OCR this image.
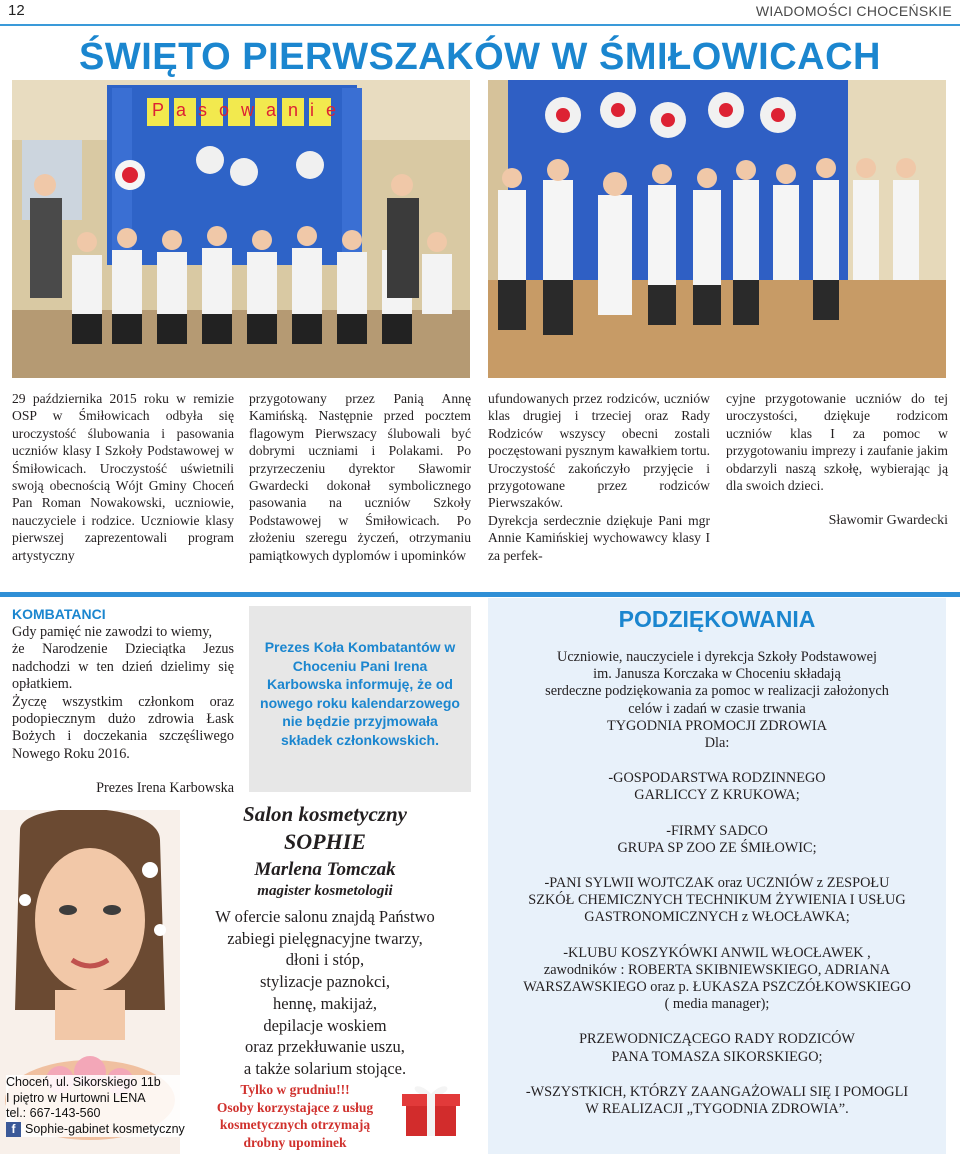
12	WIADOMOŚCI CHOCEŃSKIE
ŚWIĘTO PIERWSZAKÓW W ŚMIŁOWICACH
Pasowanie
29 października 2015 roku w remizie OSP w Śmiłowicach odbyła się uroczystość ślubowania i pasowania uczniów klasy I Szkoły Podstawowej w Śmiłowicach. Uroczystość uświetnili swoją obecnością Wójt Gminy Choceń Pan Roman Nowakowski, uczniowie, nauczyciele i rodzice. Uczniowie klasy pierwszej zaprezentowali program artystyczny
przygotowany przez Panią Annę Kamińską. Następnie przed pocztem flagowym Pierwszacy ślubowali być dobrymi uczniami i Polakami. Po przyrzeczeniu dyrektor Sławomir Gwardecki dokonał symbolicznego pasowania na uczniów Szkoły Podstawowej w Śmiłowicach. Po złożeniu szeregu życzeń, otrzymaniu pamiątkowych dyplomów i upominków
ufundowanych przez rodziców, uczniów klas drugiej i trzeciej oraz Rady Rodziców wszyscy obecni zostali poczęstowani pysznym kawałkiem tortu. Uroczystość zakończyło przyjęcie i przygotowane przez rodziców Pierwszaków.
Dyrekcja serdecznie dziękuje Pani mgr Annie Kamińskiej wychowawcy klasy I za perfek-
cyjne przygotowanie uczniów do tej uroczystości, dziękuje rodzicom uczniów klas I za pomoc w przygotowaniu imprezy i zaufanie jakim obdarzyli naszą szkołę, wybierając ją dla swoich dzieci.
Sławomir Gwardecki
KOMBATANCI
Gdy pamięć nie zawodzi to wiemy,
że Narodzenie Dzieciątka Jezus nadchodzi w ten dzień dzielimy się opłatkiem.
Życzę wszystkim członkom oraz podopiecznym dużo zdrowia Łask Bożych i doczekania szczęśliwego Nowego Roku 2016.
Prezes Irena Karbowska
Prezes Koła Kombatantów w Choceniu Pani Irena Karbowska informuję, że od nowego roku kalendarzowego nie będzie przyjmowała składek członkowskich.
Salon kosmetyczny
SOPHIE
Marlena Tomczak
magister kosmetologii
W ofercie salonu znajdą Państwo
zabiegi pielęgnacyjne twarzy,
dłoni i stóp,
stylizacje paznokci,
hennę, makijaż,
depilacje woskiem
oraz przekłuwanie uszu,
a także solarium stojące.
Tylko w grudniu!!!
Osoby korzystające z usług
kosmetycznych otrzymają
drobny upominek
Choceń, ul. Sikorskiego 11b
I piętro w Hurtowni LENA
tel.: 667-143-560
f Sophie-gabinet kosmetyczny
PODZIĘKOWANIA

Uczniowie, nauczyciele i dyrekcja Szkoły Podstawowej
im. Janusza Korczaka w Choceniu składają
serdeczne podziękowania za pomoc w realizacji założonych
celów i zadań w czasie trwania
TYGODNIA PROMOCJI ZDROWIA
Dla:

-GOSPODARSTWA RODZINNEGO
GARLICCY Z KRUKOWA;

-FIRMY SADCO
GRUPA SP ZOO ZE ŚMIŁOWIC;

-PANI SYLWII WOJTCZAK oraz UCZNIÓW z ZESPOŁU
SZKÓŁ CHEMICZNYCH TECHNIKUM ŻYWIENIA I USŁUG
GASTRONOMICZNYCH z WŁOCŁAWKA;

-KLUBU KOSZYKÓWKI ANWIL WŁOCŁAWEK ,
zawodników : ROBERTA SKIBNIEWSKIEGO, ADRIANA
WARSZAWSKIEGO oraz p. ŁUKASZA PSZCZÓŁKOWSKIEGO
( media manager);

PRZEWODNICZĄCEGO RADY RODZICÓW
PANA TOMASZA SIKORSKIEGO;

-WSZYSTKICH, KTÓRZY ZAANGAŻOWALI SIĘ I POMOGLI
W REALIZACJI „TYGODNIA ZDROWIA”.
